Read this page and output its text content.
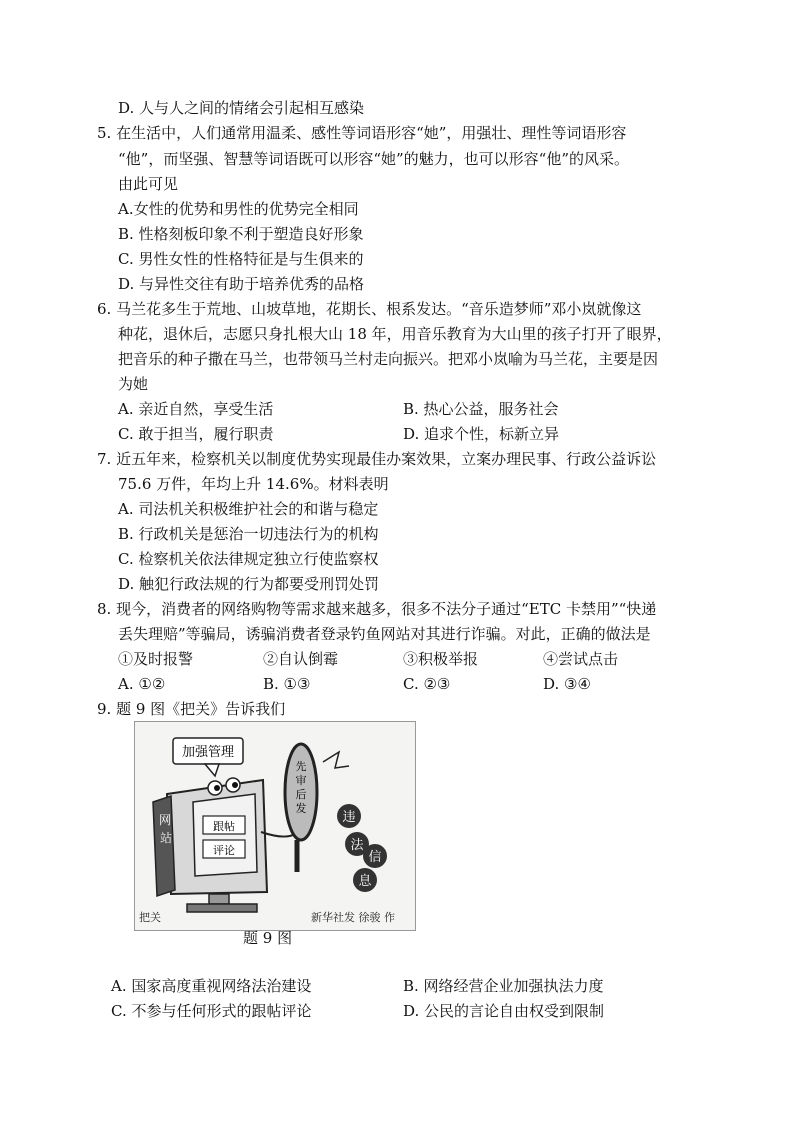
D. 人与人之间的情绪会引起相互感染
5. 在生活中，人们通常用温柔、感性等词语形容“她”，用强壮、理性等词语形容
“他”，而坚强、智慧等词语既可以形容“她”的魅力，也可以形容“他”的风采。
由此可见
A.女性的优势和男性的优势完全相同
B. 性格刻板印象不利于塑造良好形象
C. 男性女性的性格特征是与生俱来的
D. 与异性交往有助于培养优秀的品格
6. 马兰花多生于荒地、山坡草地，花期长、根系发达。“音乐造梦师”邓小岚就像这
种花，退休后，志愿只身扎根大山 18 年，用音乐教育为大山里的孩子打开了眼界，
把音乐的种子撒在马兰，也带领马兰村走向振兴。把邓小岚喻为马兰花，主要是因
为她
A. 亲近自然，享受生活	B. 热心公益，服务社会
C. 敢于担当，履行职责	D. 追求个性，标新立异
7. 近五年来，检察机关以制度优势实现最佳办案效果，立案办理民事、行政公益诉讼
75.6 万件，年均上升 14.6%。材料表明
A. 司法机关积极维护社会的和谐与稳定
B. 行政机关是惩治一切违法行为的机构
C. 检察机关依法律规定独立行使监察权
D. 触犯行政法规的行为都要受刑罚处罚
8. 现今，消费者的网络购物等需求越来越多，很多不法分子通过“ETC 卡禁用”“快递
丢失理赔”等骗局，诱骗消费者登录钓鱼网站对其进行诈骗。对此，正确的做法是
①及时报警	②自认倒霉	③积极举报	④尝试点击
A. ①②	B. ①③	C. ②③	D. ③④
9. 题 9 图《把关》告诉我们
加强管理
网
站
跟帖
评论
先
审
后
发
违
法
信
息
把关	新华社发 徐骏 作
题 9 图
A. 国家高度重视网络法治建设	B. 网络经营企业加强执法力度
C. 不参与任何形式的跟帖评论	D. 公民的言论自由权受到限制
